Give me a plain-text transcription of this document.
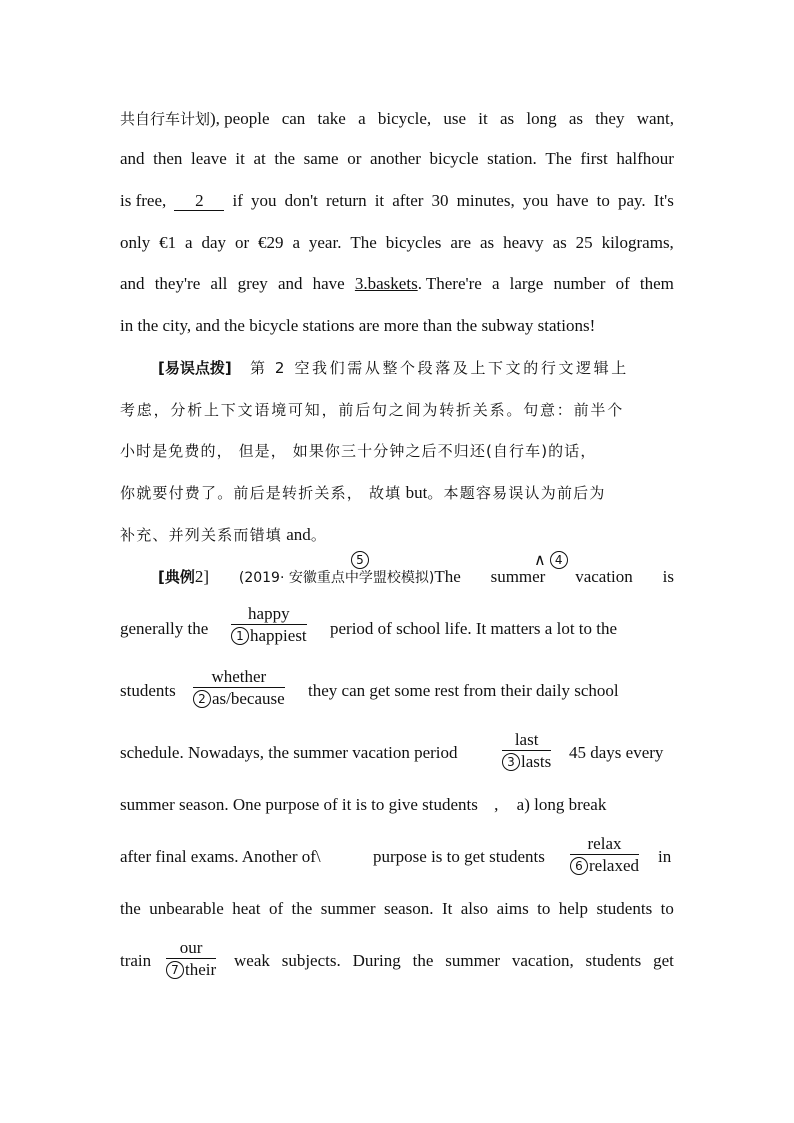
共自行车计划), people can take a bicycle, use it as long as they want,
and then leave it at the same or another bicycle station. The first halfhour
is free,	2	if you don't return it after 30 minutes, you have to pay. It's
only €1 a day or €29 a year. The bicycles are as heavy as 25 kilograms,
and they're all grey and have 3.baskets. There're a large number of them
in the city, and the bicycle stations are more than the subway stations!
[易误点拨] 第 2 空我们需从整个段落及上下文的行文逻辑上
考虑，分析上下文语境可知，前后句之间为转折关系。句意：前半个
小时是免费的， 但是， 如果你三十分钟之后不归还(自行车)的话，
你就要付费了。前后是转折关系， 故填 but。本题容易误认为前后为
补充、并列关系而错填 and。
5	∧ 4
[典例2] (2019· 安徽重点中学盟校模拟)The summer vacation is
generally the
happy
1 happiest period of school life. It matters a lot to the
students
whether
2 as/because they can get some rest from their daily school
schedule. Nowadays, the summer vacation period
last
3 lasts 45 days every
summer season. One purpose of it is to give students , a) long break
after final exams. Another of\	purpose is to get students
relax
6 relaxed in
the unbearable heat of the summer season. It also aims to help students to
train
our
7 their weak subjects. During the summer vacation, students get
